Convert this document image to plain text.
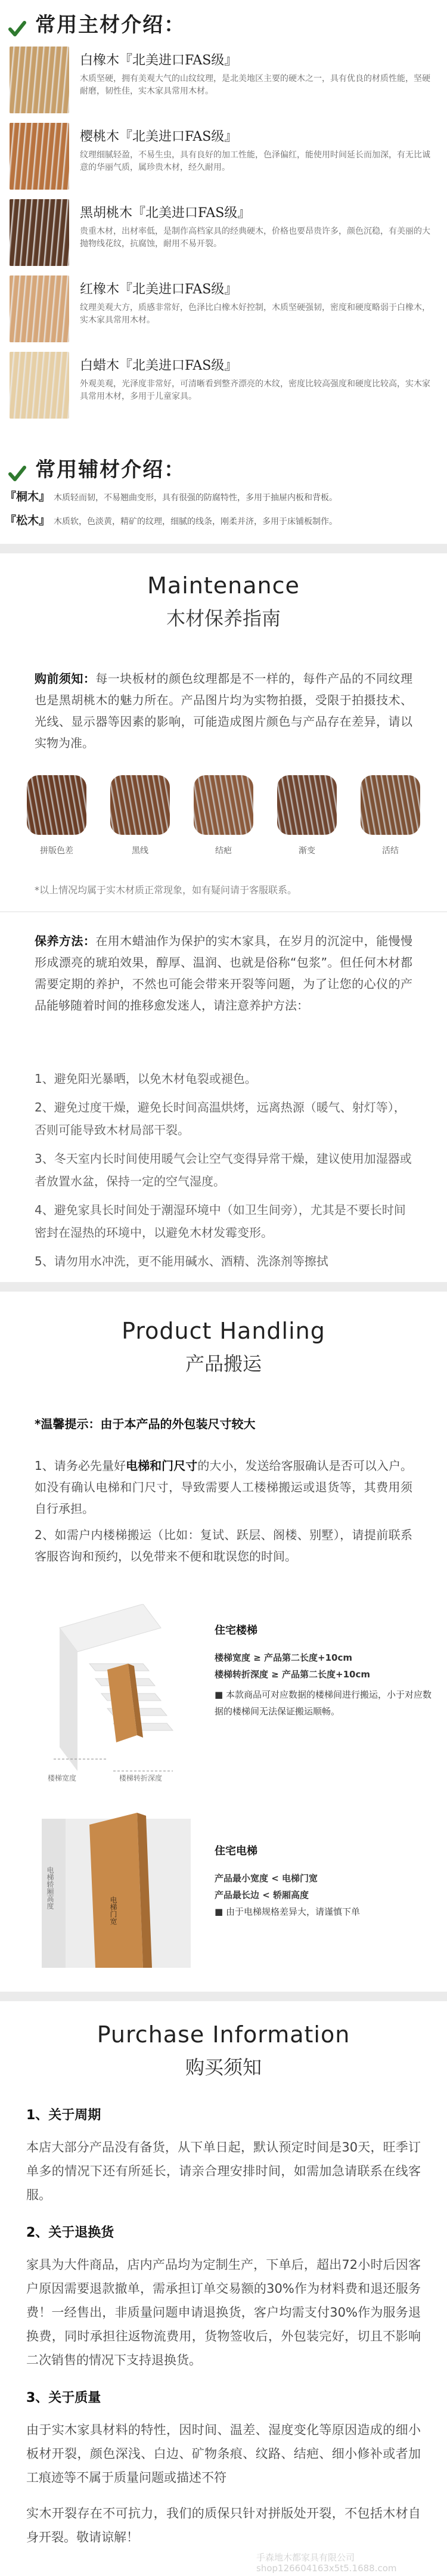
常用主材介绍：
白橡木『北美进口FAS级』
木质坚硬，拥有美观大气的山纹纹理，是北美地区主要的硬木之一，具有优良的材质性能，坚硬耐磨，韧性佳，实木家具常用木材。
樱桃木『北美进口FAS级』
纹理细腻轻盈，不易生虫，具有良好的加工性能，色泽偏红，能使用时间延长而加深，有无比诚意的华丽气质，属珍贵木材，经久耐用。
黑胡桃木『北美进口FAS级』
贵重木材，出材率低，是制作高档家具的经典硬木，价格也要昂贵许多，颜色沉稳，有美丽的大抛物线花纹，抗腐蚀，耐用不易开裂。
红橡木『北美进口FAS级』
纹理美观大方，质感非常好，色泽比白橡木好控制，木质坚硬强韧，密度和硬度略弱于白橡木，实木家具常用木材。
白蜡木『北美进口FAS级』
外观美观，光泽度非常好，可清晰看到整齐漂亮的木纹，密度比较高强度和硬度比较高，实木家具常用木材，多用于儿童家具。
常用辅材介绍：
『桐木』 木质轻而韧，不易翘曲变形，具有很强的防腐特性，多用于抽屉内板和背板。
『松木』 木质软，色淡黄，精矿的纹理，细腻的线条，刚柔并济，多用于床铺板制作。
Maintenance
木材保养指南
购前须知：每一块板材的颜色纹理都是不一样的，每件产品的不同纹理也是黑胡桃木的魅力所在。产品图片均为实物拍摄，受限于拍摄技术、光线、显示器等因素的影响，可能造成图片颜色与产品存在差异，请以实物为准。
拼版色差	黑线	结疤	渐变	活结
*以上情况均属于实木材质正常现象，如有疑问请于客服联系。
保养方法：在用木蜡油作为保护的实木家具，在岁月的沉淀中，能慢慢形成漂亮的琥珀效果，醇厚、温润、也就是俗称“包浆”。但任何木材都需要定期的养护，不然也可能会带来开裂等问题，为了让您的心仪的产品能够随着时间的推移愈发迷人，请注意养护方法：

1、避免阳光暴晒，以免木材龟裂或褪色。

2、避免过度干燥，避免长时间高温烘烤，远离热源（暖气、射灯等），否则可能导致木材局部干裂。

3、冬天室内长时间使用暖气会让空气变得异常干燥，建议使用加湿器或者放置水盆，保持一定的空气湿度。

4、避免家具长时间处于潮湿环境中（如卫生间旁），尤其是不要长时间密封在湿热的环境中，以避免木材发霉变形。

5、请勿用水冲洗，更不能用碱水、酒精、洗涤剂等擦拭

Product Handling
产品搬运
*温馨提示：由于本产品的外包装尺寸较大
1、请务必先量好电梯和门尺寸的大小，发送给客服确认是否可以入户。如没有确认电梯和门尺寸，导致需要人工楼梯搬运或退货等，其费用须自行承担。
2、如需户内楼梯搬运（比如：复试、跃层、阁楼、别墅），请提前联系客服咨询和预约，以免带来不便和耽误您的时间。
楼梯宽度	楼梯转折深度
住宅楼梯
楼梯宽度 ≥ 产品第二长度+10cm
楼梯转折深度 ≥ 产品第二长度+10cm
■ 本款商品可对应数据的楼梯间进行搬运，小于对应数据的楼梯间无法保证搬运顺畅。
电梯轿厢高度
电梯门宽
住宅电梯
产品最小宽度 < 电梯门宽
产品最长边 < 轿厢高度
■ 由于电梯规格差异大，请谨慎下单
Purchase Information
购买须知
1、关于周期
本店大部分产品没有备货，从下单日起，默认预定时间是30天，旺季订单多的情况下还有所延长，请亲合理安排时间，如需加急请联系在线客服。
2、关于退换货
家具为大件商品，店内产品均为定制生产，下单后，超出72小时后因客户原因需要退款撤单，需承担订单交易额的30%作为材料费和退还服务费！一经售出，非质量问题申请退换货，客户均需支付30%作为服务退换费，同时承担往返物流费用，货物签收后，外包装完好，切且不影响二次销售的情况下支持退换货。
3、关于质量
由于实木家具材料的特性，因时间、温差、湿度变化等原因造成的细小板材开裂，颜色深浅、白边、矿物条痕、纹路、结疤、细小修补或者加工痕迹等不属于质量问题或描述不符
实木开裂存在不可抗力，我们的质保只针对拼版处开裂，不包括木材自身开裂。敬请谅解！
手森地木都家具有限公司
shop126604163x5t5.1688.com
